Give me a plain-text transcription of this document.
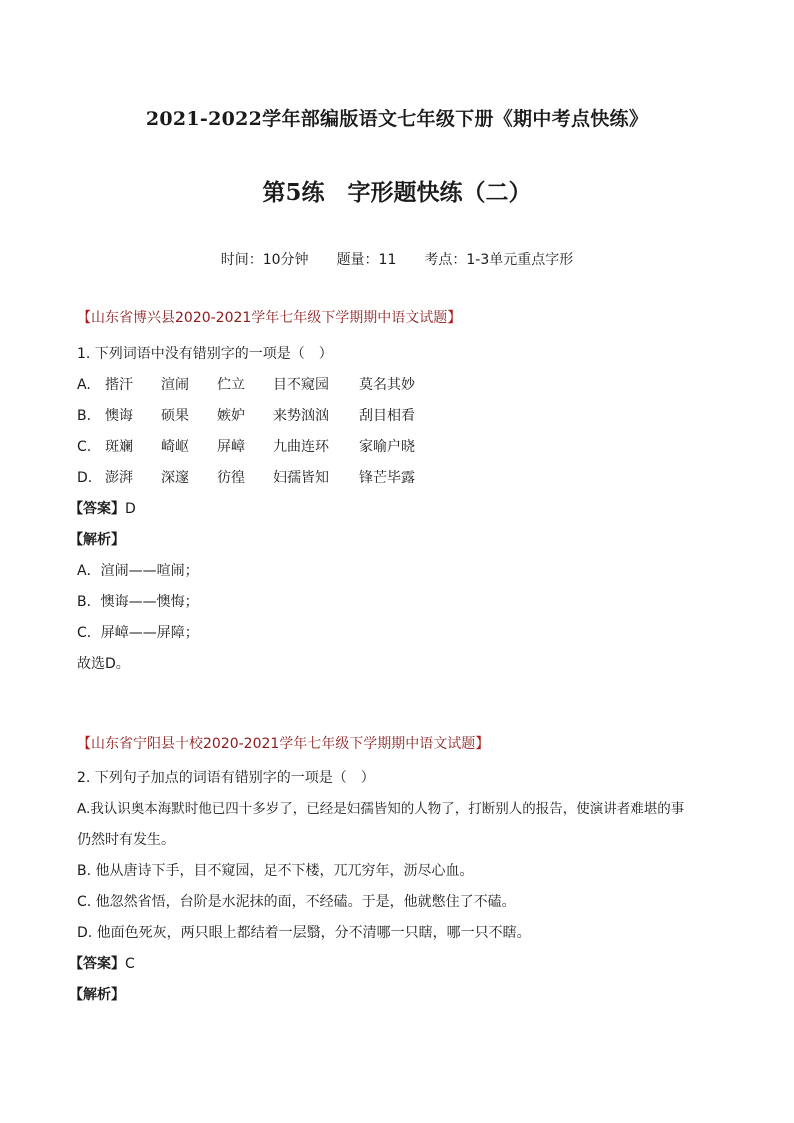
2021-2022学年部编版语文七年级下册《期中考点快练》
第5练　字形题快练（二）
时间：10分钟 题量：11 考点：1-3单元重点字形
【山东省博兴县2020-2021学年七年级下学期期中语文试题】
1. 下列词语中没有错别字的一项是（　）
A.	揩汗	渲闹	伫立	目不窥园	莫名其妙
B. 懊诲	硕果	嫉妒	来势汹汹	刮目相看
C. 斑斓	崎岖	屏嶂	九曲连环	家喻户晓
D. 澎湃	深邃	彷徨	妇孺皆知	锋芒毕露
【答案】D
【解析】
A．渲闹——喧闹；
B．懊诲——懊悔；
C．屏嶂——屏障；
故选D。
【山东省宁阳县十校2020-2021学年七年级下学期期中语文试题】
2. 下列句子加点的词语有错别字的一项是（　）
A.我认识奥本海默时他已四十多岁了，已经是妇孺皆知的人物了，打断别人的报告，使演讲者难堪的事
仍然时有发生。
B. 他从唐诗下手，目不窥园，足不下楼，兀兀穷年，沥尽心血。
C. 他忽然省悟，台阶是水泥抹的面，不经磕。于是，他就憋住了不磕。
D. 他面色死灰，两只眼上都结着一层翳，分不清哪一只瞎，哪一只不瞎。
【答案】C
【解析】
